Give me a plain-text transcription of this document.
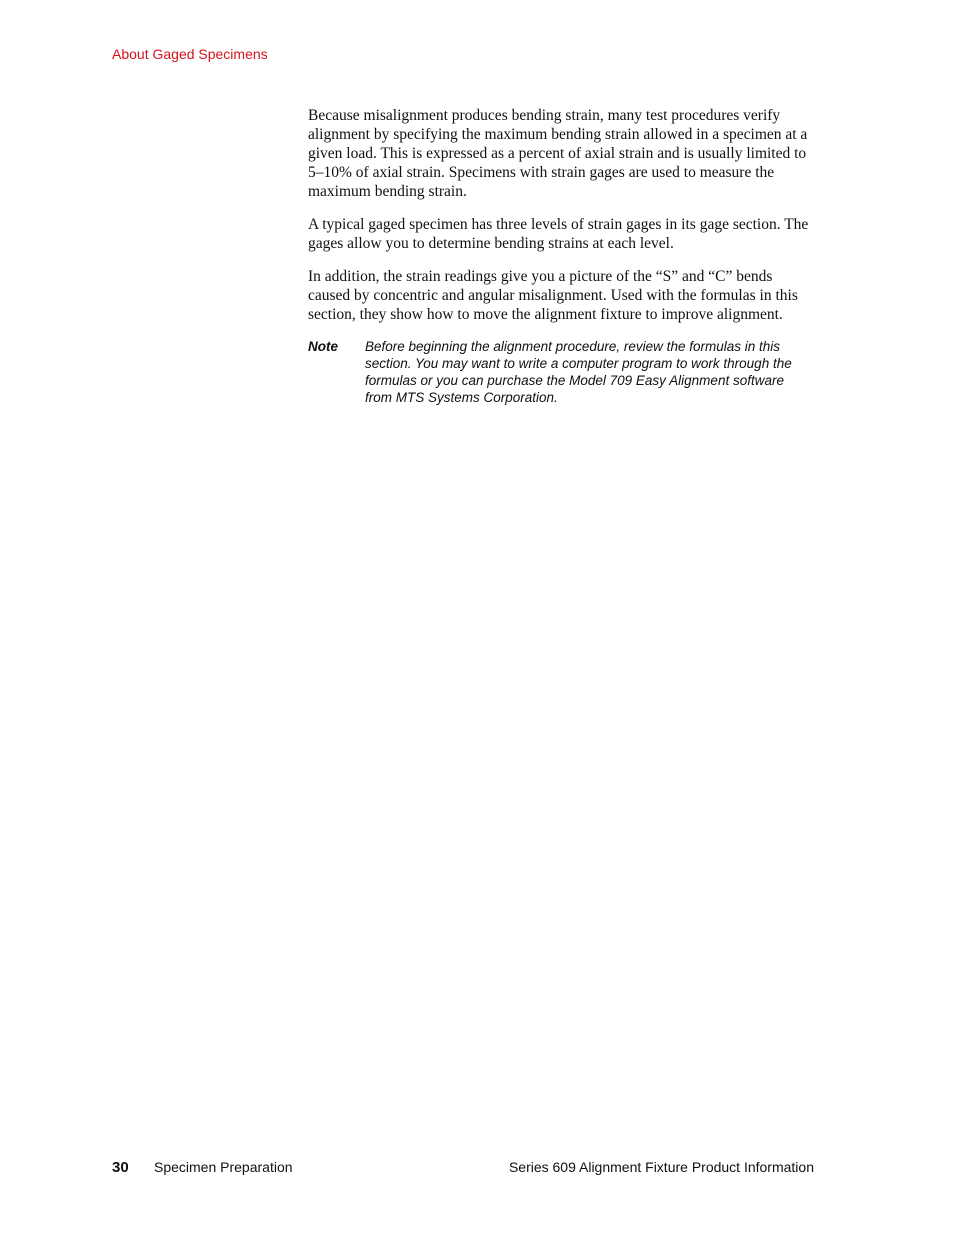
About Gaged Specimens

Because misalignment produces bending strain, many test procedures verify alignment by specifying the maximum bending strain allowed in a specimen at a given load. This is expressed as a percent of axial strain and is usually limited to 5–10% of axial strain. Specimens with strain gages are used to measure the maximum bending strain.

A typical gaged specimen has three levels of strain gages in its gage section. The gages allow you to determine bending strains at each level.

In addition, the strain readings give you a picture of the “S” and “C” bends caused by concentric and angular misalignment. Used with the formulas in this section, they show how to move the alignment fixture to improve alignment.

Note	Before beginning the alignment procedure, review the formulas in this section. You may want to write a computer program to work through the formulas or you can purchase the Model 709 Easy Alignment software from MTS Systems Corporation.
30 Specimen Preparation	Series 609 Alignment Fixture Product Information
